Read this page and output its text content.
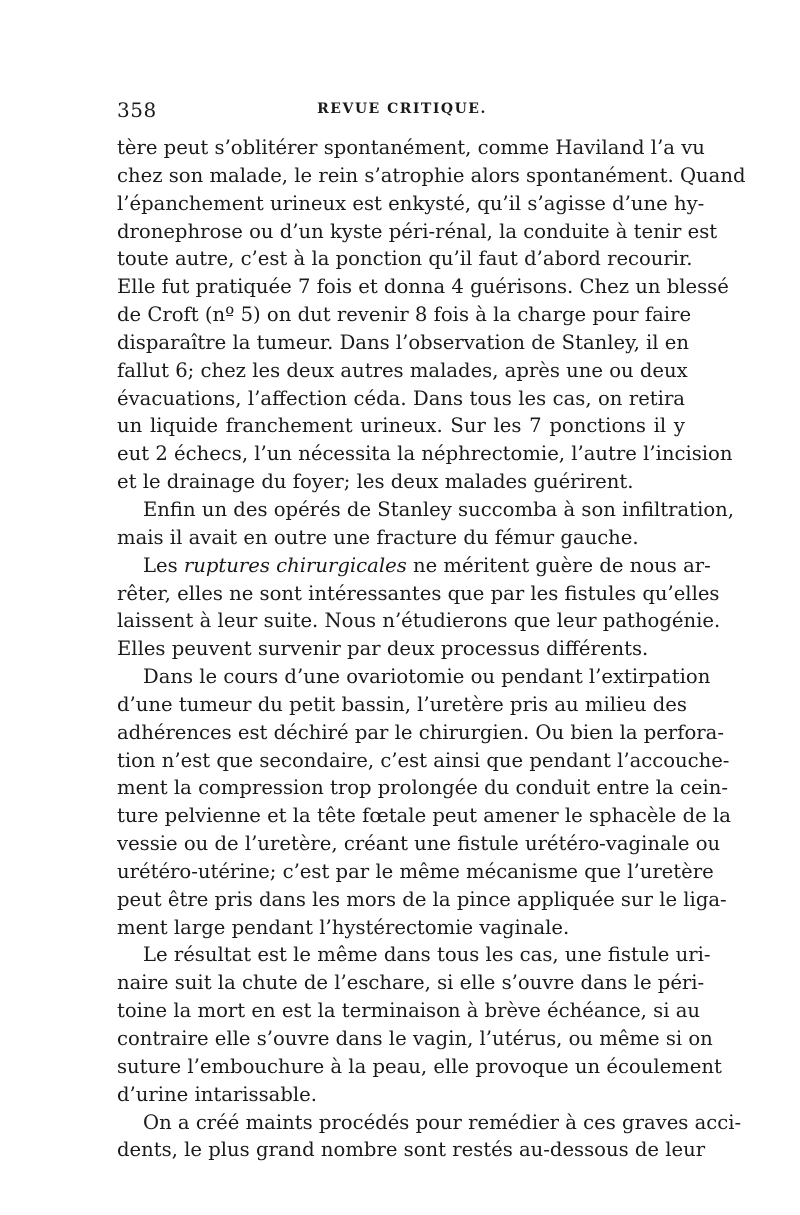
358	REVUE CRITIQUE.
tère peut s’oblitérer spontanément, comme Haviland l’a vu
chez son malade, le rein s’atrophie alors spontanément. Quand
l’épanchement urineux est enkysté, qu’il s’agisse d’une hy-
dronephrose ou d’un kyste péri-rénal, la conduite à tenir est
toute autre, c’est à la ponction qu’il faut d’abord recourir.
Elle fut pratiquée 7 fois et donna 4 guérisons. Chez un blessé
de Croft (nº 5) on dut revenir 8 fois à la charge pour faire
disparaître la tumeur. Dans l’observation de Stanley, il en
fallut 6; chez les deux autres malades, après une ou deux
évacuations, l’affection céda. Dans tous les cas, on retira
un liquide franchement urineux. Sur les 7 ponctions il y
eut 2 échecs, l’un nécessita la néphrectomie, l’autre l’incision
et le drainage du foyer; les deux malades guérirent.
Enfin un des opérés de Stanley succomba à son infiltration,
mais il avait en outre une fracture du fémur gauche.
Les ruptures chirurgicales ne méritent guère de nous ar-
rêter, elles ne sont intéressantes que par les fistules qu’elles
laissent à leur suite. Nous n’étudierons que leur pathogénie.
Elles peuvent survenir par deux processus différents.
Dans le cours d’une ovariotomie ou pendant l’extirpation
d’une tumeur du petit bassin, l’uretère pris au milieu des
adhérences est déchiré par le chirurgien. Ou bien la perfora-
tion n’est que secondaire, c’est ainsi que pendant l’accouche-
ment la compression trop prolongée du conduit entre la cein-
ture pelvienne et la tête fœtale peut amener le sphacèle de la
vessie ou de l’uretère, créant une fistule urétéro-vaginale ou
urétéro-utérine; c’est par le même mécanisme que l’uretère
peut être pris dans les mors de la pince appliquée sur le liga-
ment large pendant l’hystérectomie vaginale.
Le résultat est le même dans tous les cas, une fistule uri-
naire suit la chute de l’eschare, si elle s’ouvre dans le péri-
toine la mort en est la terminaison à brève échéance, si au
contraire elle s’ouvre dans le vagin, l’utérus, ou même si on
suture l’embouchure à la peau, elle provoque un écoulement
d’urine intarissable.
On a créé maints procédés pour remédier à ces graves acci-
dents, le plus grand nombre sont restés au-dessous de leur
